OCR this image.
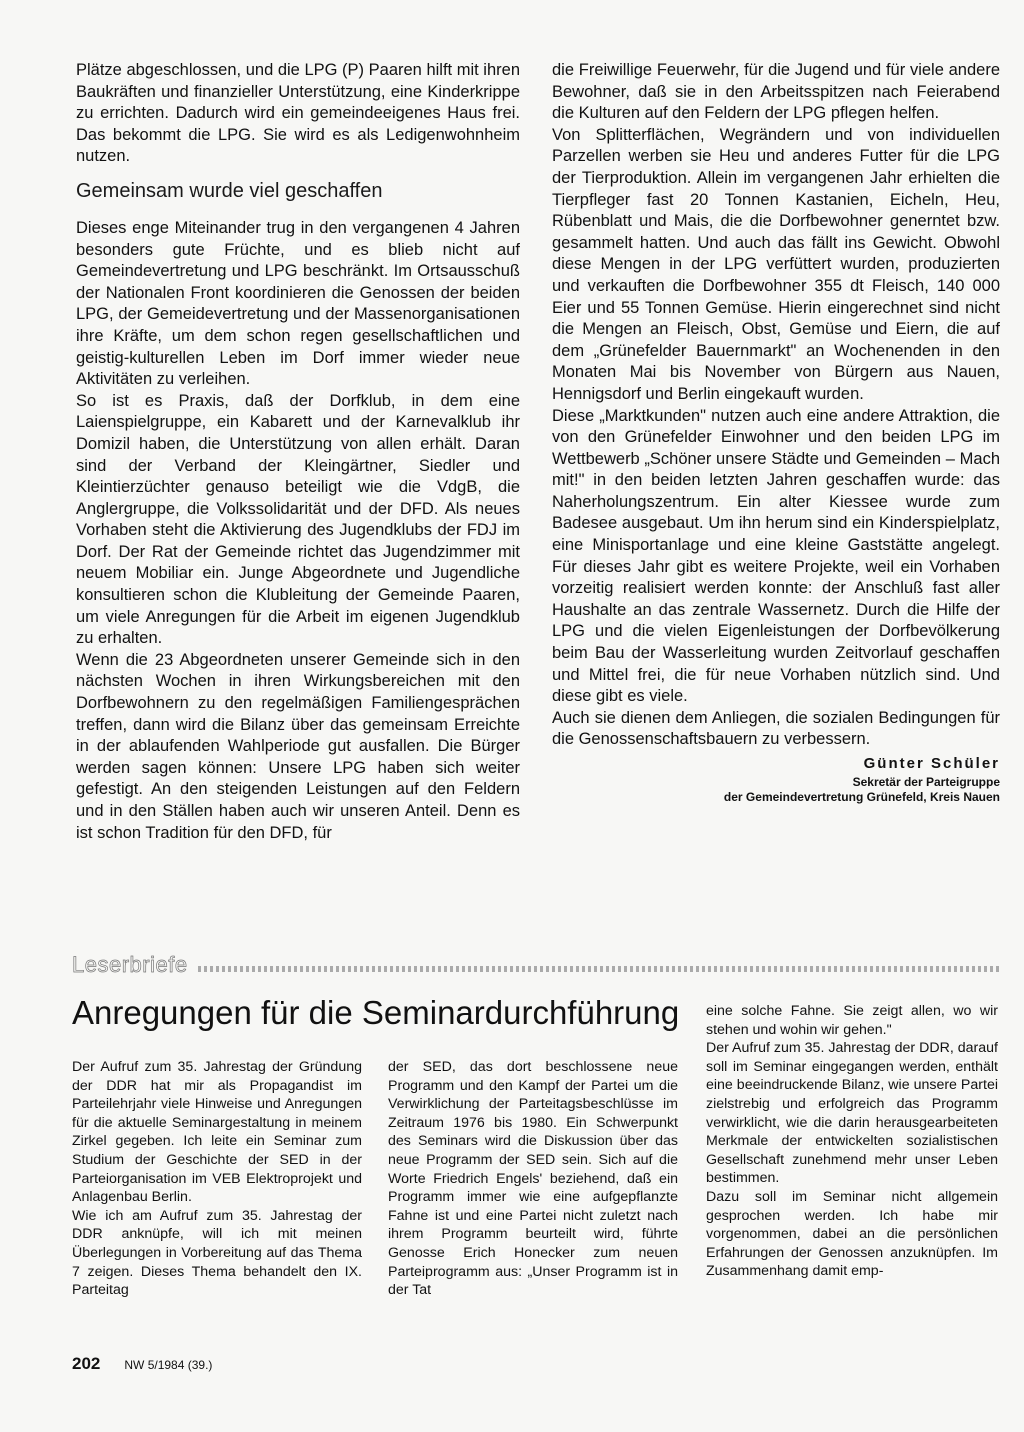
Plätze abgeschlossen, und die LPG (P) Paaren hilft mit ihren Baukräften und finanzieller Unterstützung, eine Kinderkrippe zu errichten. Dadurch wird ein gemeindeeigenes Haus frei. Das bekommt die LPG. Sie wird es als Ledigenwohnheim nutzen.

Gemeinsam wurde viel geschaffen

Dieses enge Miteinander trug in den vergangenen 4 Jahren besonders gute Früchte, und es blieb nicht auf Gemeindevertretung und LPG beschränkt. Im Ortsausschuß der Nationalen Front koordinieren die Genossen der beiden LPG, der Gemeidevertretung und der Massenorganisationen ihre Kräfte, um dem schon regen gesellschaftlichen und geistig-kulturellen Leben im Dorf immer wieder neue Aktivitäten zu verleihen.

So ist es Praxis, daß der Dorfklub, in dem eine Laienspielgruppe, ein Kabarett und der Karnevalklub ihr Domizil haben, die Unterstützung von allen erhält. Daran sind der Verband der Kleingärtner, Siedler und Kleintierzüchter genauso beteiligt wie die VdgB, die Anglergruppe, die Volkssolidarität und der DFD. Als neues Vorhaben steht die Aktivierung des Jugendklubs der FDJ im Dorf. Der Rat der Gemeinde richtet das Jugendzimmer mit neuem Mobiliar ein. Junge Abgeordnete und Jugendliche konsultieren schon die Klubleitung der Gemeinde Paaren, um viele Anregungen für die Arbeit im eigenen Jugendklub zu erhalten.

Wenn die 23 Abgeordneten unserer Gemeinde sich in den nächsten Wochen in ihren Wirkungsbereichen mit den Dorfbewohnern zu den regelmäßigen Familiengesprächen treffen, dann wird die Bilanz über das gemeinsam Erreichte in der ablaufenden Wahlperiode gut ausfallen. Die Bürger werden sagen können: Unsere LPG haben sich weiter gefestigt. An den steigenden Leistungen auf den Feldern und in den Ställen haben auch wir unseren Anteil. Denn es ist schon Tradition für den DFD, für

die Freiwillige Feuerwehr, für die Jugend und für viele andere Bewohner, daß sie in den Arbeitsspitzen nach Feierabend die Kulturen auf den Feldern der LPG pflegen helfen.

Von Splitterflächen, Wegrändern und von individuellen Parzellen werben sie Heu und anderes Futter für die LPG der Tierproduktion. Allein im vergangenen Jahr erhielten die Tierpfleger fast 20 Tonnen Kastanien, Eicheln, Heu, Rübenblatt und Mais, die die Dorfbewohner generntet bzw. gesammelt hatten. Und auch das fällt ins Gewicht. Obwohl diese Mengen in der LPG verfüttert wurden, produzierten und verkauften die Dorfbewohner 355 dt Fleisch, 140 000 Eier und 55 Tonnen Gemüse. Hierin eingerechnet sind nicht die Mengen an Fleisch, Obst, Gemüse und Eiern, die auf dem „Grünefelder Bauernmarkt" an Wochenenden in den Monaten Mai bis November von Bürgern aus Nauen, Hennigsdorf und Berlin eingekauft wurden.

Diese „Marktkunden" nutzen auch eine andere Attraktion, die von den Grünefelder Einwohner und den beiden LPG im Wettbewerb „Schöner unsere Städte und Gemeinden – Mach mit!" in den beiden letzten Jahren geschaffen wurde: das Naherholungszentrum. Ein alter Kiessee wurde zum Badesee ausgebaut. Um ihn herum sind ein Kinderspielplatz, eine Minisportanlage und eine kleine Gaststätte angelegt. Für dieses Jahr gibt es weitere Projekte, weil ein Vorhaben vorzeitig realisiert werden konnte: der Anschluß fast aller Haushalte an das zentrale Wassernetz. Durch die Hilfe der LPG und die vielen Eigenleistungen der Dorfbevölkerung beim Bau der Wasserleitung wurden Zeitvorlauf geschaffen und Mittel frei, die für neue Vorhaben nützlich sind. Und diese gibt es viele.

Auch sie dienen dem Anliegen, die sozialen Bedingungen für die Genossenschaftsbauern zu verbessern.

Günter Schüler
Sekretär der Parteigruppe
der Gemeindevertretung Grünefeld, Kreis Nauen
Leserbriefe
Anregungen für die Seminardurchführung

Der Aufruf zum 35. Jahrestag der Gründung der DDR hat mir als Propagandist im Parteilehrjahr viele Hinweise und Anregungen für die aktuelle Seminargestaltung in meinem Zirkel gegeben. Ich leite ein Seminar zum Studium der Geschichte der SED in der Parteiorganisation im VEB Elektroprojekt und Anlagenbau Berlin.

Wie ich am Aufruf zum 35. Jahrestag der DDR anknüpfe, will ich mit meinen Überlegungen in Vorbereitung auf das Thema 7 zeigen. Dieses Thema behandelt den IX. Parteitag

der SED, das dort beschlossene neue Programm und den Kampf der Partei um die Verwirklichung der Parteitagsbeschlüsse im Zeitraum 1976 bis 1980. Ein Schwerpunkt des Seminars wird die Diskussion über das neue Programm der SED sein. Sich auf die Worte Friedrich Engels' beziehend, daß ein Programm immer wie eine aufgepflanzte Fahne ist und eine Partei nicht zuletzt nach ihrem Programm beurteilt wird, führte Genosse Erich Honecker zum neuen Parteiprogramm aus: „Unser Programm ist in der Tat

eine solche Fahne. Sie zeigt allen, wo wir stehen und wohin wir gehen."

Der Aufruf zum 35. Jahrestag der DDR, darauf soll im Seminar eingegangen werden, enthält eine beeindruckende Bilanz, wie unsere Partei zielstrebig und erfolgreich das Programm verwirklicht, wie die darin herausgearbeiteten Merkmale der entwickelten sozialistischen Gesellschaft zunehmend mehr unser Leben bestimmen.

Dazu soll im Seminar nicht allgemein gesprochen werden. Ich habe mir vorgenommen, dabei an die persönlichen Erfahrungen der Genossen anzuknüpfen. Im Zusammenhang damit emp-

202 NW 5/1984 (39.)
